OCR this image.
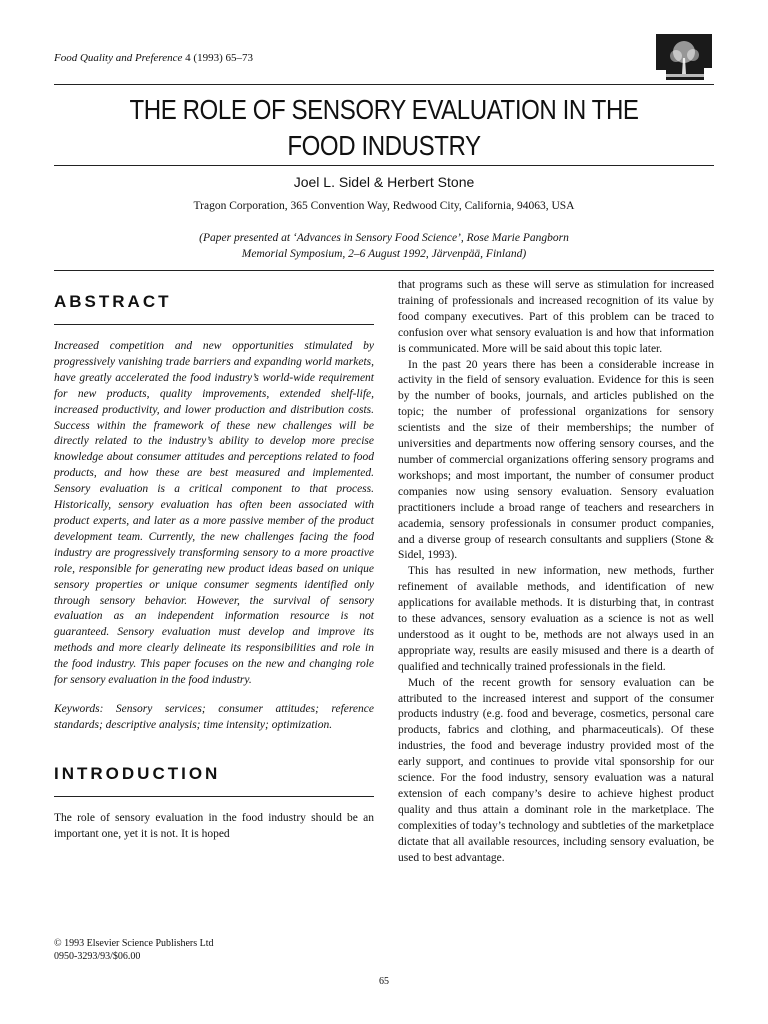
Food Quality and Preference 4 (1993) 65–73
THE ROLE OF SENSORY EVALUATION IN THE
FOOD INDUSTRY
Joel L. Sidel & Herbert Stone
Tragon Corporation, 365 Convention Way, Redwood City, California, 94063, USA
(Paper presented at ‘Advances in Sensory Food Science’, Rose Marie Pangborn
Memorial Symposium, 2–6 August 1992, Järvenpää, Finland)
ABSTRACT

Increased competition and new opportunities stimulated by progressively vanishing trade barriers and expanding world markets, have greatly accelerated the food industry’s world-wide requirement for new products, quality improvements, extended shelf-life, increased productivity, and lower production and distribution costs. Success within the framework of these new challenges will be directly related to the industry’s ability to develop more precise knowledge about consumer attitudes and perceptions related to food products, and how these are best measured and implemented. Sensory evaluation is a critical component to that process. Historically, sensory evaluation has often been associated with product experts, and later as a more passive member of the product development team. Currently, the new challenges facing the food industry are progressively transforming sensory to a more proactive role, responsible for generating new product ideas based on unique sensory properties or unique consumer segments identified only through sensory behavior. However, the survival of sensory evaluation as an independent information resource is not guaranteed. Sensory evaluation must develop and improve its methods and more clearly delineate its responsibilities and role in the food industry. This paper focuses on the new and changing role for sensory evaluation in the food industry.

Keywords: Sensory services; consumer attitudes; reference standards; descriptive analysis; time intensity; optimization.

INTRODUCTION

The role of sensory evaluation in the food industry should be an important one, yet it is not. It is hoped

that programs such as these will serve as stimulation for increased training of professionals and increased recognition of its value by food company executives. Part of this problem can be traced to confusion over what sensory evaluation is and how that information is communicated. More will be said about this topic later.

In the past 20 years there has been a considerable increase in activity in the field of sensory evaluation. Evidence for this is seen by the number of books, journals, and articles published on the topic; the number of professional organizations for sensory scientists and the size of their memberships; the number of universities and departments now offering sensory courses, and the number of commercial organizations offering sensory programs and workshops; and most important, the number of consumer product companies now using sensory evaluation. Sensory evaluation practitioners include a broad range of teachers and researchers in academia, sensory professionals in consumer product companies, and a diverse group of research consultants and suppliers (Stone & Sidel, 1993).

This has resulted in new information, new methods, further refinement of available methods, and identification of new applications for available methods. It is disturbing that, in contrast to these advances, sensory evaluation as a science is not as well understood as it ought to be, methods are not always used in an appropriate way, results are easily misused and there is a dearth of qualified and technically trained professionals in the field.

Much of the recent growth for sensory evaluation can be attributed to the increased interest and support of the consumer products industry (e.g. food and beverage, cosmetics, personal care products, fabrics and clothing, and pharmaceuticals). Of these industries, the food and beverage industry provided most of the early support, and continues to provide vital sponsorship for our science. For the food industry, sensory evaluation was a natural extension of each company’s desire to achieve highest product quality and thus attain a dominant role in the marketplace. The complexities of today’s technology and subtleties of the marketplace dictate that all available resources, including sensory evaluation, be used to best advantage.

© 1993 Elsevier Science Publishers Ltd
0950-3293/93/$06.00
65
